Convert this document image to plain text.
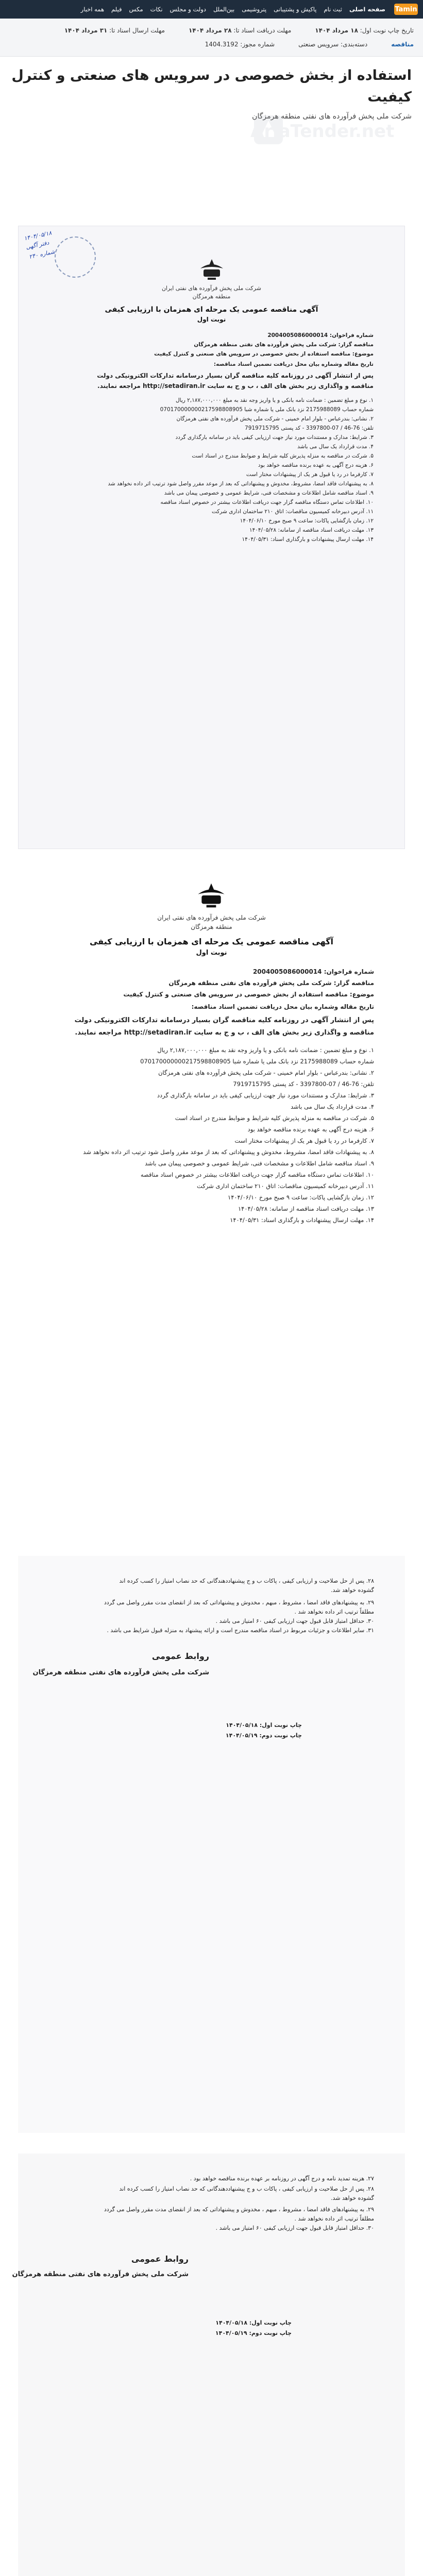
Tamin
صفحه اصلی
ثبت نام
پاکیش و پشتیبانی
پتروشیمی
بین‌الملل
دولت و مجلس
نکات
مکس
فیلم
همه اخبار
تاریخ چاپ نوبت اول: ۱۸ مرداد ۱۴۰۴
مهلت دریافت اسناد تا: ۲۸ مرداد ۱۴۰۴
مهلت ارسال اسناد تا: ۳۱ مرداد ۱۴۰۴
مناقصه
دسته‌بندی: سرویس صنعتی
شماره مجوز: 1404.3192
استفاده از بخش خصوصی در سرویس های صنعتی و کنترل کیفیت
شرکت ملی پخش فرآورده های نفتی منطقه هرمزگان
AriaTender.net
۱۴۰۴/۰۵/۱۸
دفتر آگهی
شماره ۲۴۰
شرکت ملی پخش فرآورده های نفتی ایران
منطقه هرمزگان
آگهی مناقصه عمومی یک مرحله ای همزمان با ارزیابی کیفی
نوبت اول
شماره فراخوان: 2004005086000014
مناقصه گزار: شرکت ملی پخش فرآورده های نفتی منطقه هرمزگان
موضوع: مناقصه استفاده از بخش خصوصی در سرویس های صنعتی و کنترل کیفیت
تاریخ مقاله وشماره بیان محل دریافت تضمین اسناد مناقصه:
پس از انتشار آگهی در روزنامه کلیه مناقصه گران بسیار درسامانه تدارکات الکترونیکی دولت
مناقصه و واگذاری زیر بخش های الف ، ب و ج به سایت http://setadiran.ir مراجعه نمایند.
۱. نوع و مبلغ تضمین : ضمانت نامه بانکی و یا واریز وجه نقد به مبلغ ۲,۱۸۷,۰۰۰,۰۰۰ ریال
شماره حساب 2175988089 نزد بانک ملی یا شماره شبا 070170000000217598808905
۲. نشانی: بندرعباس - بلوار امام خمینی - شرکت ملی پخش فرآورده های نفتی هرمزگان
تلفن: 76-46 / 07-3397800 - کد پستی 7919715795
۳. شرایط: مدارک و مستندات مورد نیاز جهت ارزیابی کیفی باید در سامانه بارگذاری گردد
۴. مدت قرارداد یک سال می باشد
۵. شرکت در مناقصه به منزله پذیرش کلیه شرایط و ضوابط مندرج در اسناد است
۶. هزینه درج آگهی به عهده برنده مناقصه خواهد بود
۷. کارفرما در رد یا قبول هر یک از پیشنهادات مختار است
۸. به پیشنهادات فاقد امضا، مشروط، مخدوش و پیشنهاداتی که بعد از موعد مقرر واصل شود ترتیب اثر داده نخواهد شد
۹. اسناد مناقصه شامل اطلاعات و مشخصات فنی، شرایط عمومی و خصوصی پیمان می باشد
۱۰. اطلاعات تماس دستگاه مناقصه گزار جهت دریافت اطلاعات بیشتر در خصوص اسناد مناقصه
۱۱. آدرس دبیرخانه کمیسیون مناقصات: اتاق ۲۱۰ ساختمان اداری شرکت
۱۲. زمان بازگشایی پاکات: ساعت ۹ صبح مورخ ۱۴۰۴/۰۶/۱۰
۱۳. مهلت دریافت اسناد مناقصه از سامانه: ۱۴۰۴/۰۵/۲۸
۱۴. مهلت ارسال پیشنهادات و بارگذاری اسناد: ۱۴۰۴/۰۵/۳۱
شرکت ملی پخش فرآورده های نفتی ایران
منطقه هرمزگان
آگهی مناقصه عمومی یک مرحله ای همزمان با ارزیابی کیفی
نوبت اول
شماره فراخوان: 2004005086000014
مناقصه گزار: شرکت ملی پخش فرآورده های نفتی منطقه هرمزگان
موضوع: مناقصه استفاده از بخش خصوصی در سرویس های صنعتی و کنترل کیفیت
تاریخ مقاله وشماره بیان محل دریافت تضمین اسناد مناقصه:
پس از انتشار آگهی در روزنامه کلیه مناقصه گران بسیار درسامانه تدارکات الکترونیکی دولت
مناقصه و واگذاری زیر بخش های الف ، ب و ج به سایت http://setadiran.ir مراجعه نمایند.
۱. نوع و مبلغ تضمین : ضمانت نامه بانکی و یا واریز وجه نقد به مبلغ ۲,۱۸۷,۰۰۰,۰۰۰ ریال
شماره حساب 2175988089 نزد بانک ملی یا شماره شبا 070170000000217598808905
۲. نشانی: بندرعباس - بلوار امام خمینی - شرکت ملی پخش فرآورده های نفتی هرمزگان
تلفن: 76-46 / 07-3397800 - کد پستی 7919715795
۳. شرایط: مدارک و مستندات مورد نیاز جهت ارزیابی کیفی باید در سامانه بارگذاری گردد
۴. مدت قرارداد یک سال می باشد
۵. شرکت در مناقصه به منزله پذیرش کلیه شرایط و ضوابط مندرج در اسناد است
۶. هزینه درج آگهی به عهده برنده مناقصه خواهد بود
۷. کارفرما در رد یا قبول هر یک از پیشنهادات مختار است
۸. به پیشنهادات فاقد امضا، مشروط، مخدوش و پیشنهاداتی که بعد از موعد مقرر واصل شود ترتیب اثر داده نخواهد شد
۹. اسناد مناقصه شامل اطلاعات و مشخصات فنی، شرایط عمومی و خصوصی پیمان می باشد
۱۰. اطلاعات تماس دستگاه مناقصه گزار جهت دریافت اطلاعات بیشتر در خصوص اسناد مناقصه
۱۱. آدرس دبیرخانه کمیسیون مناقصات: اتاق ۲۱۰ ساختمان اداری شرکت
۱۲. زمان بازگشایی پاکات: ساعت ۹ صبح مورخ ۱۴۰۴/۰۶/۱۰
۱۳. مهلت دریافت اسناد مناقصه از سامانه: ۱۴۰۴/۰۵/۲۸
۱۴. مهلت ارسال پیشنهادات و بارگذاری اسناد: ۱۴۰۴/۰۵/۳۱
۲۸. پس از حل صلاحیت و ارزیابی کیفی ، پاکات ب و ج پیشنهاددهندگانی که حد نصاب امتیاز را کسب کرده اند
گشوده خواهد شد.
۲۹. به پیشنهادهای فاقد امضا ، مشروط ، مبهم ، مخدوش و پیشنهاداتی که بعد از انقضای مدت مقرر واصل می گردد
مطلقاً ترتیب اثر داده نخواهد شد .
۳۰. حداقل امتیاز قابل قبول جهت ارزیابی کیفی ۶۰ امتیاز می باشد .
۳۱. سایر اطلاعات و جزئیات مربوط در اسناد مناقصه مندرج است و ارائه پیشنهاد به منزله قبول شرایط می باشد .
روابط عمومی
شرکت ملی پخش فرآورده های نفتی منطقه هرمزگان
چاپ نوبت اول: ۱۴۰۴/۰۵/۱۸
چاپ نوبت دوم: ۱۴۰۴/۰۵/۱۹
۲۷. هزینه تمدید نامه و درج آگهی در روزنامه بر عهده برنده مناقصه خواهد بود .
۲۸. پس از حل صلاحیت و ارزیابی کیفی ، پاکات ب و ج پیشنهاددهندگانی که حد نصاب امتیاز را کسب کرده اند
گشوده خواهد شد.
۲۹. به پیشنهادهای فاقد امضا ، مشروط ، مبهم ، مخدوش و پیشنهاداتی که بعد از انقضای مدت مقرر واصل می گردد
مطلقاً ترتیب اثر داده نخواهد شد .
۳۰. حداقل امتیاز قابل قبول جهت ارزیابی کیفی ۶۰ امتیاز می باشد .
روابط عمومی
شرکت ملی پخش فرآورده های نفتی منطقه هرمزگان
چاپ نوبت اول: ۱۴۰۴/۰۵/۱۸
چاپ نوبت دوم: ۱۴۰۴/۰۵/۱۹
